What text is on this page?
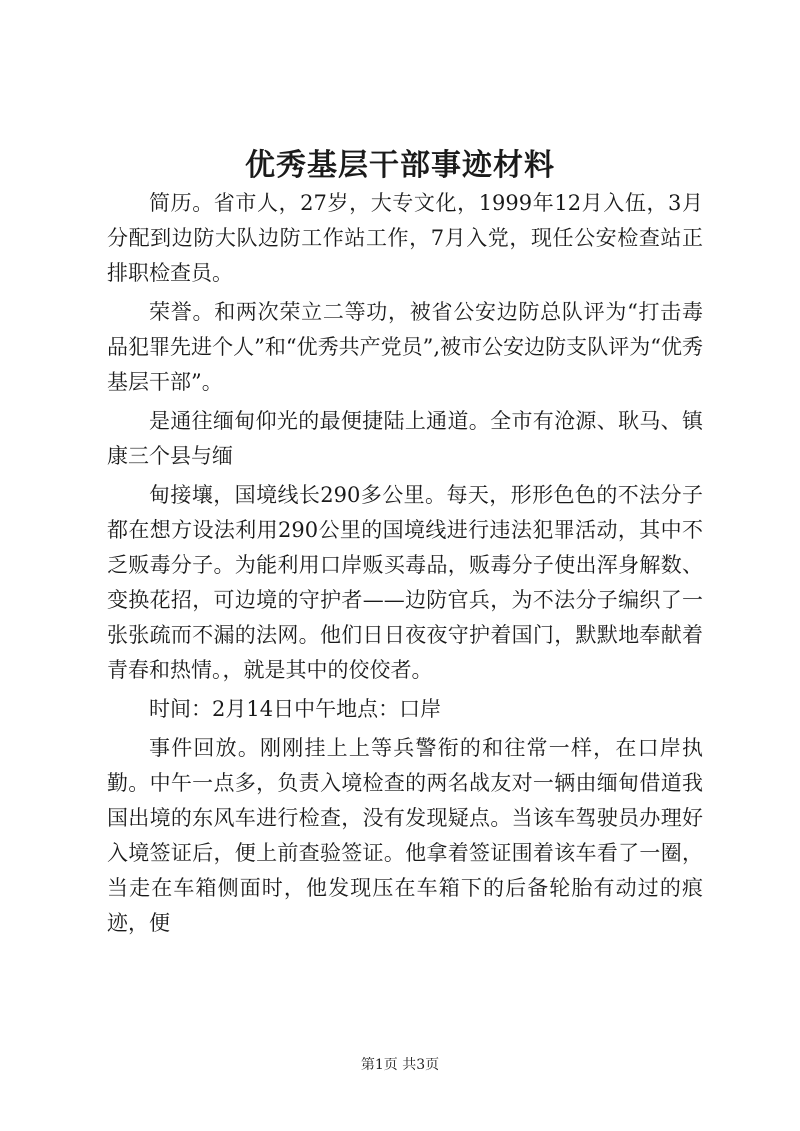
优秀基层干部事迹材料

简历。省市人，27岁，大专文化，1999年12月入伍，3月分配到边防大队边防工作站工作，7月入党，现任公安检查站正排职检查员。

荣誉。和两次荣立二等功，被省公安边防总队评为“打击毒品犯罪先进个人”和“优秀共产党员”,被市公安边防支队评为“优秀基层干部”。

是通往缅甸仰光的最便捷陆上通道。全市有沧源、耿马、镇康三个县与缅

甸接壤，国境线长290多公里。每天，形形色色的不法分子都在想方设法利用290公里的国境线进行违法犯罪活动，其中不乏贩毒分子。为能利用口岸贩买毒品，贩毒分子使出浑身解数、变换花招，可边境的守护者——边防官兵，为不法分子编织了一张张疏而不漏的法网。他们日日夜夜守护着国门，默默地奉献着青春和热情。，就是其中的佼佼者。

时间：2月14日中午地点：口岸

事件回放。刚刚挂上上等兵警衔的和往常一样，在口岸执勤。中午一点多，负责入境检查的两名战友对一辆由缅甸借道我国出境的东风车进行检查，没有发现疑点。当该车驾驶员办理好入境签证后，便上前查验签证。他拿着签证围着该车看了一圈，当走在车箱侧面时，他发现压在车箱下的后备轮胎有动过的痕迹，便

第1页 共3页
